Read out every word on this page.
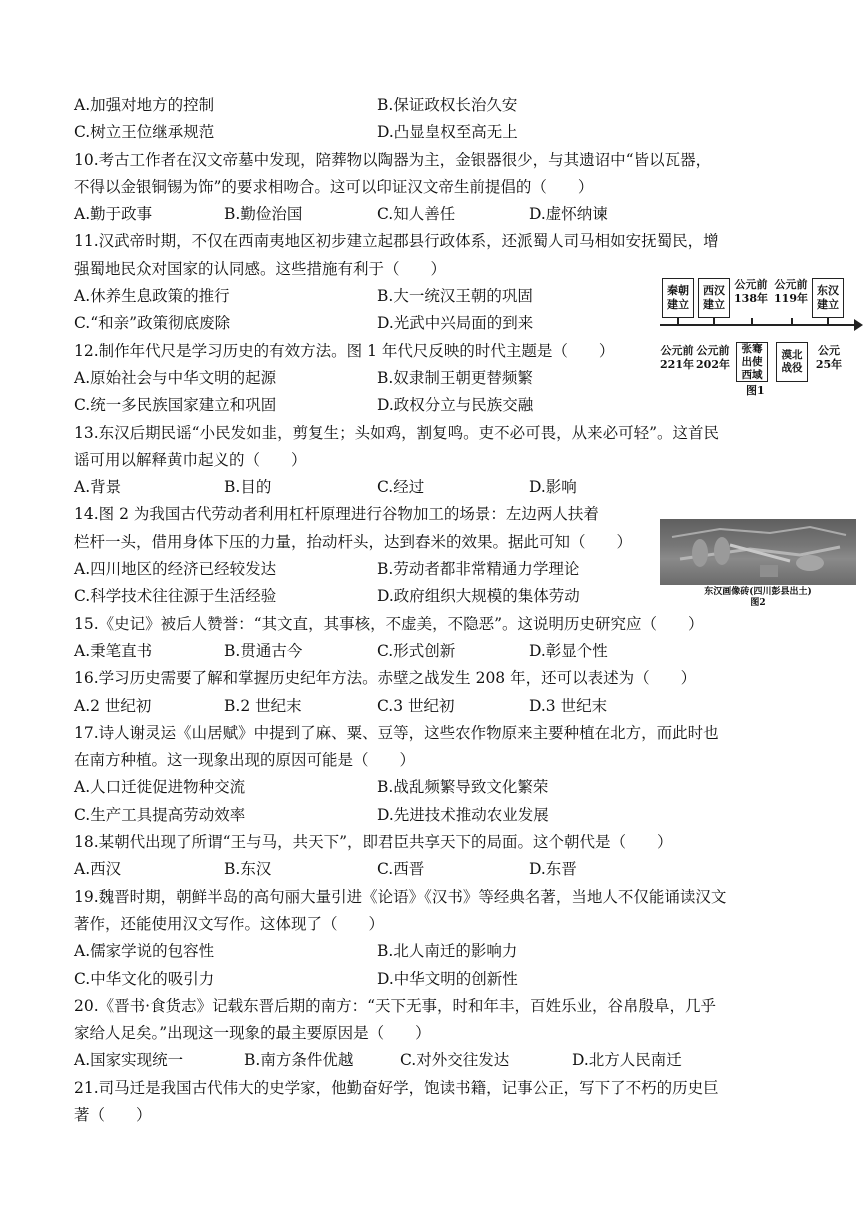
A.加强对地方的控制	B.保证政权长治久安
C.树立王位继承规范	D.凸显皇权至高无上
10.考古工作者在汉文帝墓中发现，陪葬物以陶器为主，金银器很少，与其遗诏中“皆以瓦器，
不得以金银铜锡为饰”的要求相吻合。这可以印证汉文帝生前提倡的（　　）
A.勤于政事	B.勤俭治国	C.知人善任	D.虚怀纳谏
11.汉武帝时期，不仅在西南夷地区初步建立起郡县行政体系，还派蜀人司马相如安抚蜀民，增
强蜀地民众对国家的认同感。这些措施有利于（　　）
A.休养生息政策的推行	B.大一统汉王朝的巩固
C.“和亲”政策彻底废除	D.光武中兴局面的到来
12.制作年代尺是学习历史的有效方法。图 1 年代尺反映的时代主题是（　　）
A.原始社会与中华文明的起源	B.奴隶制王朝更替频繁
C.统一多民族国家建立和巩固	D.政权分立与民族交融
13.东汉后期民谣“小民发如韭，剪复生；头如鸡，割复鸣。吏不必可畏，从来必可轻”。这首民
谣可用以解释黄巾起义的（　　）
A.背景	B.目的	C.经过	D.影响
14.图 2 为我国古代劳动者利用杠杆原理进行谷物加工的场景：左边两人扶着
栏杆一头，借用身体下压的力量，抬动杆头，达到舂米的效果。据此可知（　　）
A.四川地区的经济已经较发达	B.劳动者都非常精通力学理论
C.科学技术往往源于生活经验	D.政府组织大规模的集体劳动
15.《史记》被后人赞誉：“其文直，其事核，不虚美，不隐恶”。这说明历史研究应（　　）
A.秉笔直书	B.贯通古今	C.形式创新	D.彰显个性
16.学习历史需要了解和掌握历史纪年方法。赤壁之战发生 208 年，还可以表述为（　　）
A.2 世纪初	B.2 世纪末	C.3 世纪初	D.3 世纪末
17.诗人谢灵运《山居赋》中提到了麻、粟、豆等，这些农作物原来主要种植在北方，而此时也
在南方种植。这一现象出现的原因可能是（　　）
A.人口迁徙促进物种交流	B.战乱频繁导致文化繁荣
C.生产工具提高劳动效率	D.先进技术推动农业发展
18.某朝代出现了所谓“王与马，共天下”，即君臣共享天下的局面。这个朝代是（　　）
A.西汉	B.东汉	C.西晋	D.东晋
19.魏晋时期，朝鲜半岛的高句丽大量引进《论语》《汉书》等经典名著，当地人不仅能诵读汉文
著作，还能使用汉文写作。这体现了（　　）
A.儒家学说的包容性	B.北人南迁的影响力
C.中华文化的吸引力	D.中华文明的创新性
20.《晋书·食货志》记载东晋后期的南方：“天下无事，时和年丰，百姓乐业，谷帛殷阜，几乎
家给人足矣。”出现这一现象的最主要原因是（　　）
A.国家实现统一	B.南方条件优越	C.对外交往发达	D.北方人民南迁
21.司马迁是我国古代伟大的史学家，他勤奋好学，饱读书籍，记事公正，写下了不朽的历史巨
著（　　）
秦朝建立
西汉建立
公元前138年
公元前119年
东汉建立
公元前221年
公元前202年
张骞出使西域
漠北战役
公元25年
图1
东汉画像砖(四川彭县出土)
图2
